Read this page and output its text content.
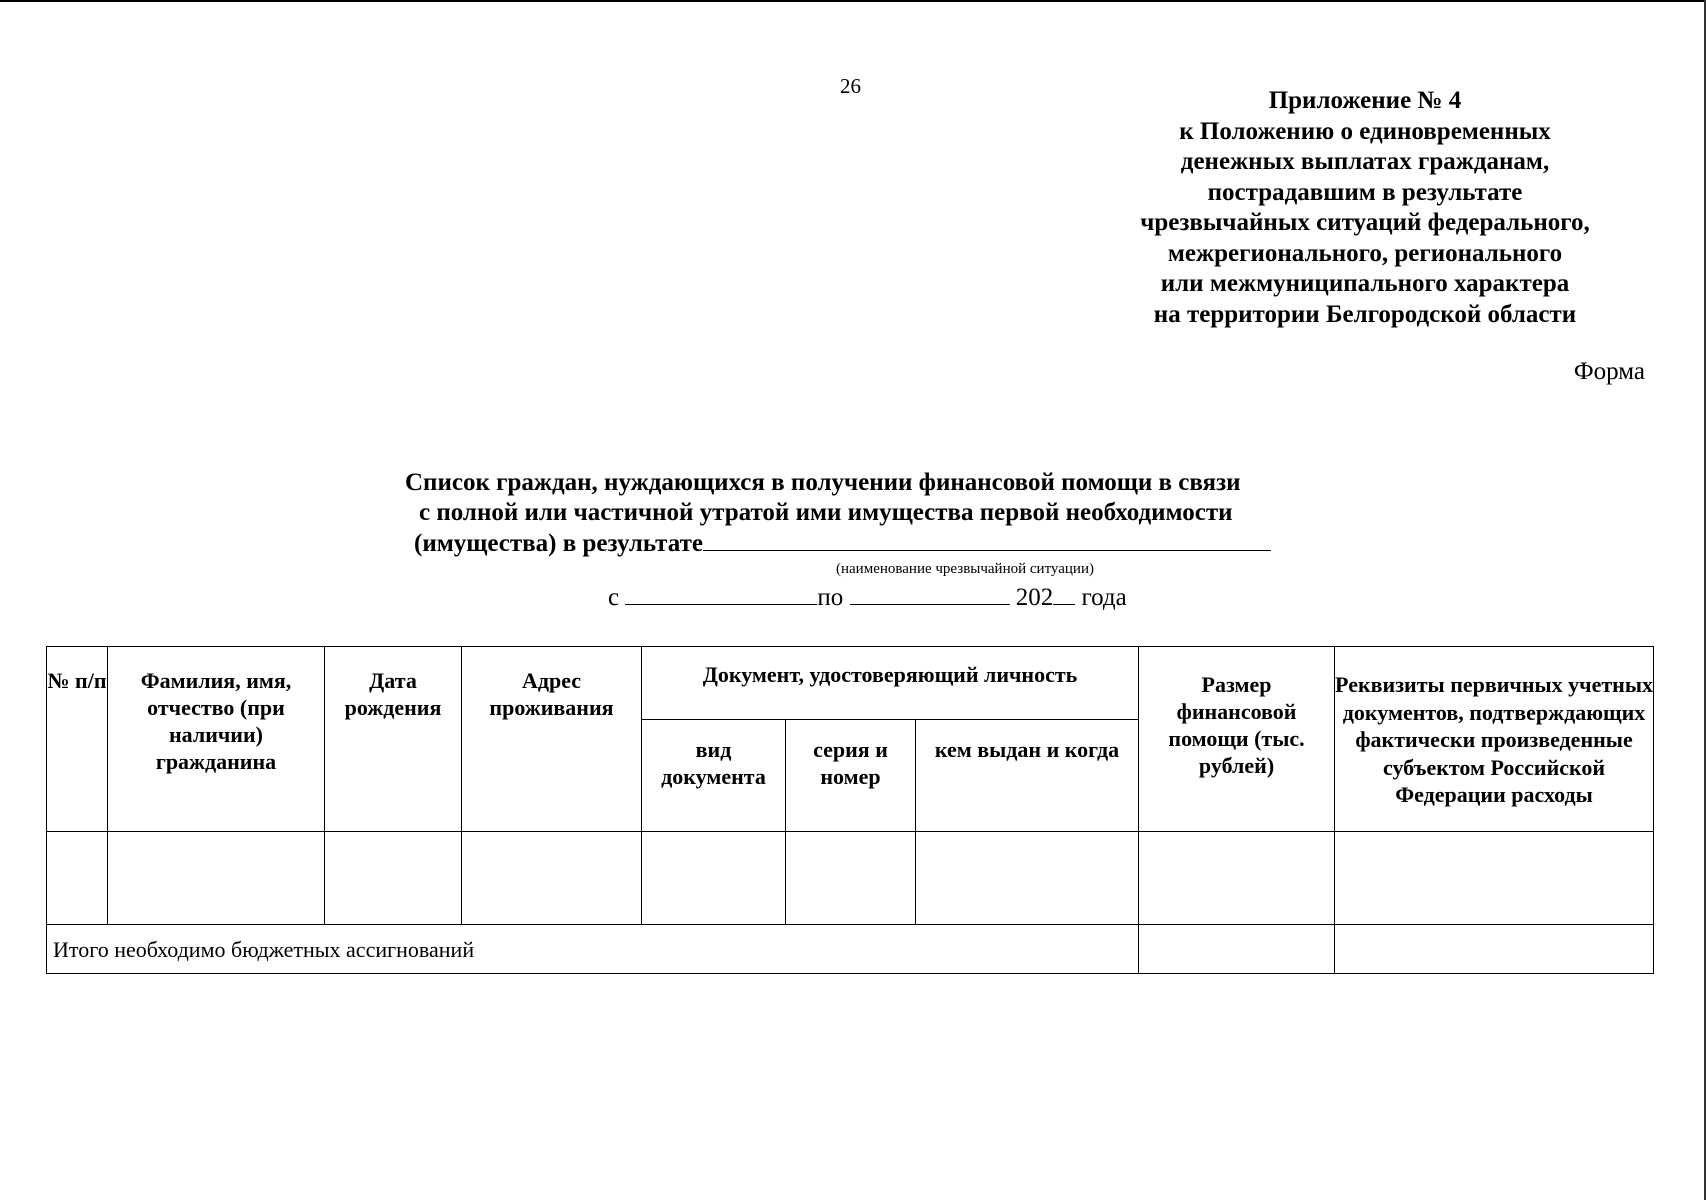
26
Приложение № 4
к Положению о единовременных
денежных выплатах гражданам,
пострадавшим в результате
чрезвычайных ситуаций федерального,
межрегионального, регионального
или межмуниципального характера
на территории Белгородской области
Форма
Список граждан, нуждающихся в получении финансовой помощи в связи
с полной или частичной утратой ими имущества первой необходимости
(имущества) в результате
(наименование чрезвычайной ситуации)
с	по	202 года
№ п/п	Фамилия, имя, отчество (при наличии) гражданина	Дата рождения	Адрес проживания	Документ, удостоверяющий личность			Размер финансовой помощи (тыс. рублей)	Реквизиты первичных учетных документов, подтверждающих фактически произведенные субъектом Российской Федерации расходы
				вид документа	серия и номер	кем выдан и когда		

Итого необходимо бюджетных ассигнований								
